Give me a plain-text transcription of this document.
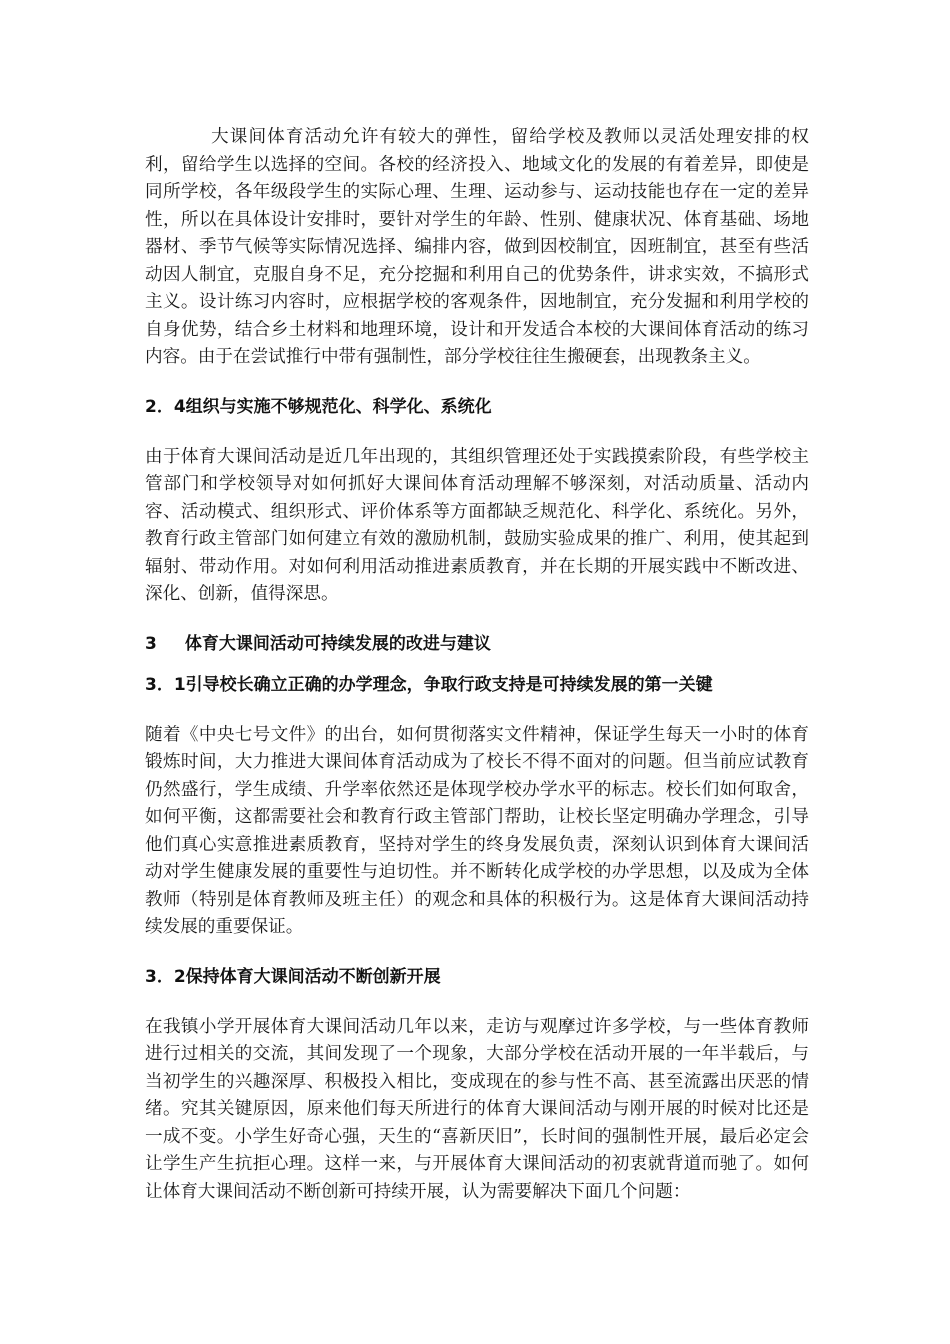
大课间体育活动允许有较大的弹性，留给学校及教师以灵活处理安排的权利，留给学生以选择的空间。各校的经济投入、地域文化的发展的有着差异，即使是同所学校，各年级段学生的实际心理、生理、运动参与、运动技能也存在一定的差异性，所以在具体设计安排时，要针对学生的年龄、性别、健康状况、体育基础、场地器材、季节气候等实际情况选择、编排内容，做到因校制宜，因班制宜，甚至有些活动因人制宜，克服自身不足，充分挖掘和利用自己的优势条件，讲求实效，不搞形式主义。设计练习内容时，应根据学校的客观条件，因地制宜，充分发掘和利用学校的自身优势，结合乡土材料和地理环境，设计和开发适合本校的大课间体育活动的练习内容。由于在尝试推行中带有强制性，部分学校往往生搬硬套，出现教条主义。

2．4组织与实施不够规范化、科学化、系统化

由于体育大课间活动是近几年出现的，其组织管理还处于实践摸索阶段，有些学校主管部门和学校领导对如何抓好大课间体育活动理解不够深刻，对活动质量、活动内容、活动模式、组织形式、评价体系等方面都缺乏规范化、科学化、系统化。另外，教育行政主管部门如何建立有效的激励机制，鼓励实验成果的推广、利用，使其起到辐射、带动作用。对如何利用活动推进素质教育，并在长期的开展实践中不断改进、深化、创新，值得深思。

3 体育大课间活动可持续发展的改进与建议

3．1引导校长确立正确的办学理念，争取行政支持是可持续发展的第一关键

随着《中央七号文件》的出台，如何贯彻落实文件精神，保证学生每天一小时的体育锻炼时间，大力推进大课间体育活动成为了校长不得不面对的问题。但当前应试教育仍然盛行，学生成绩、升学率依然还是体现学校办学水平的标志。校长们如何取舍，如何平衡，这都需要社会和教育行政主管部门帮助，让校长坚定明确办学理念，引导他们真心实意推进素质教育，坚持对学生的终身发展负责，深刻认识到体育大课间活动对学生健康发展的重要性与迫切性。并不断转化成学校的办学思想，以及成为全体教师（特别是体育教师及班主任）的观念和具体的积极行为。这是体育大课间活动持续发展的重要保证。

3．2保持体育大课间活动不断创新开展

在我镇小学开展体育大课间活动几年以来，走访与观摩过许多学校，与一些体育教师进行过相关的交流，其间发现了一个现象，大部分学校在活动开展的一年半载后，与当初学生的兴趣深厚、积极投入相比，变成现在的参与性不高、甚至流露出厌恶的情绪。究其关键原因，原来他们每天所进行的体育大课间活动与刚开展的时候对比还是一成不变。小学生好奇心强，天生的“喜新厌旧”，长时间的强制性开展，最后必定会让学生产生抗拒心理。这样一来，与开展体育大课间活动的初衷就背道而驰了。如何让体育大课间活动不断创新可持续开展，认为需要解决下面几个问题：
